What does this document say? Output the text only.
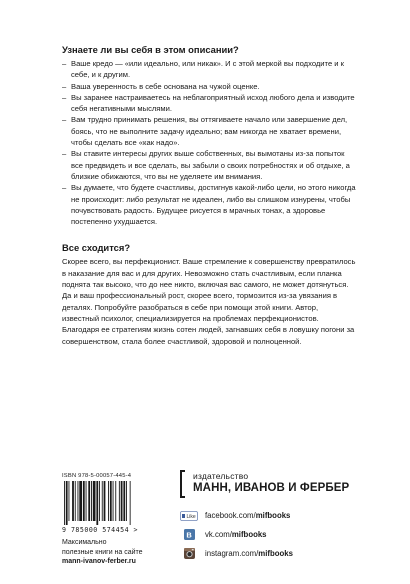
Узнаете ли вы себя в этом описании?
– Ваше кредо — «или идеально, или никак». И с этой меркой вы подходите и к себе, и к другим.
– Ваша уверенность в себе основана на чужой оценке.
– Вы заранее настраиваетесь на неблагоприятный исход любого дела и изводите себя негативными мыслями.
– Вам трудно принимать решения, вы оттягиваете начало или завершение дел, боясь, что не выполните задачу идеально; вам никогда не хватает времени, чтобы сделать все «как надо».
– Вы ставите интересы других выше собственных, вы вымотаны из-за попыток все предвидеть и все сделать, вы забыли о своих потребностях и об отдыхе, а близкие обижаются, что вы не уделяете им внимания.
– Вы думаете, что будете счастливы, достигнув какой-либо цели, но этого никогда не происходит: либо результат не идеален, либо вы слишком изнурены, чтобы почувствовать радость. Будущее рисуется в мрачных тонах, а здоровье постепенно ухудшается.
Все сходится?

Скорее всего, вы перфекционист. Ваше стремление к совершенству превратилось в наказание для вас и для других. Невозможно стать счастливым, если планка поднята так высоко, что до нее никто, включая вас самого, не может дотянуться. Да и ваш профессиональный рост, скорее всего, тормозится из-за увязания в деталях. Попробуйте разобраться в себе при помощи этой книги. Автор, известный психолог, специализируется на проблемах перфекционистов. Благодаря ее стратегиям жизнь сотен людей, загнавших себя в ловушку погони за совершенством, стала более счастливой, здоровой и полноценной.

ISBN 978-5-00057-445-4
9 785000 574454 >
Максимально
полезные книги на сайте
mann-ivanov-ferber.ru
издательство
МАНН, ИВАНОВ И ФЕРБЕР
Like facebook.com/mifbooks
B vk.com/mifbooks
instagram.com/mifbooks
